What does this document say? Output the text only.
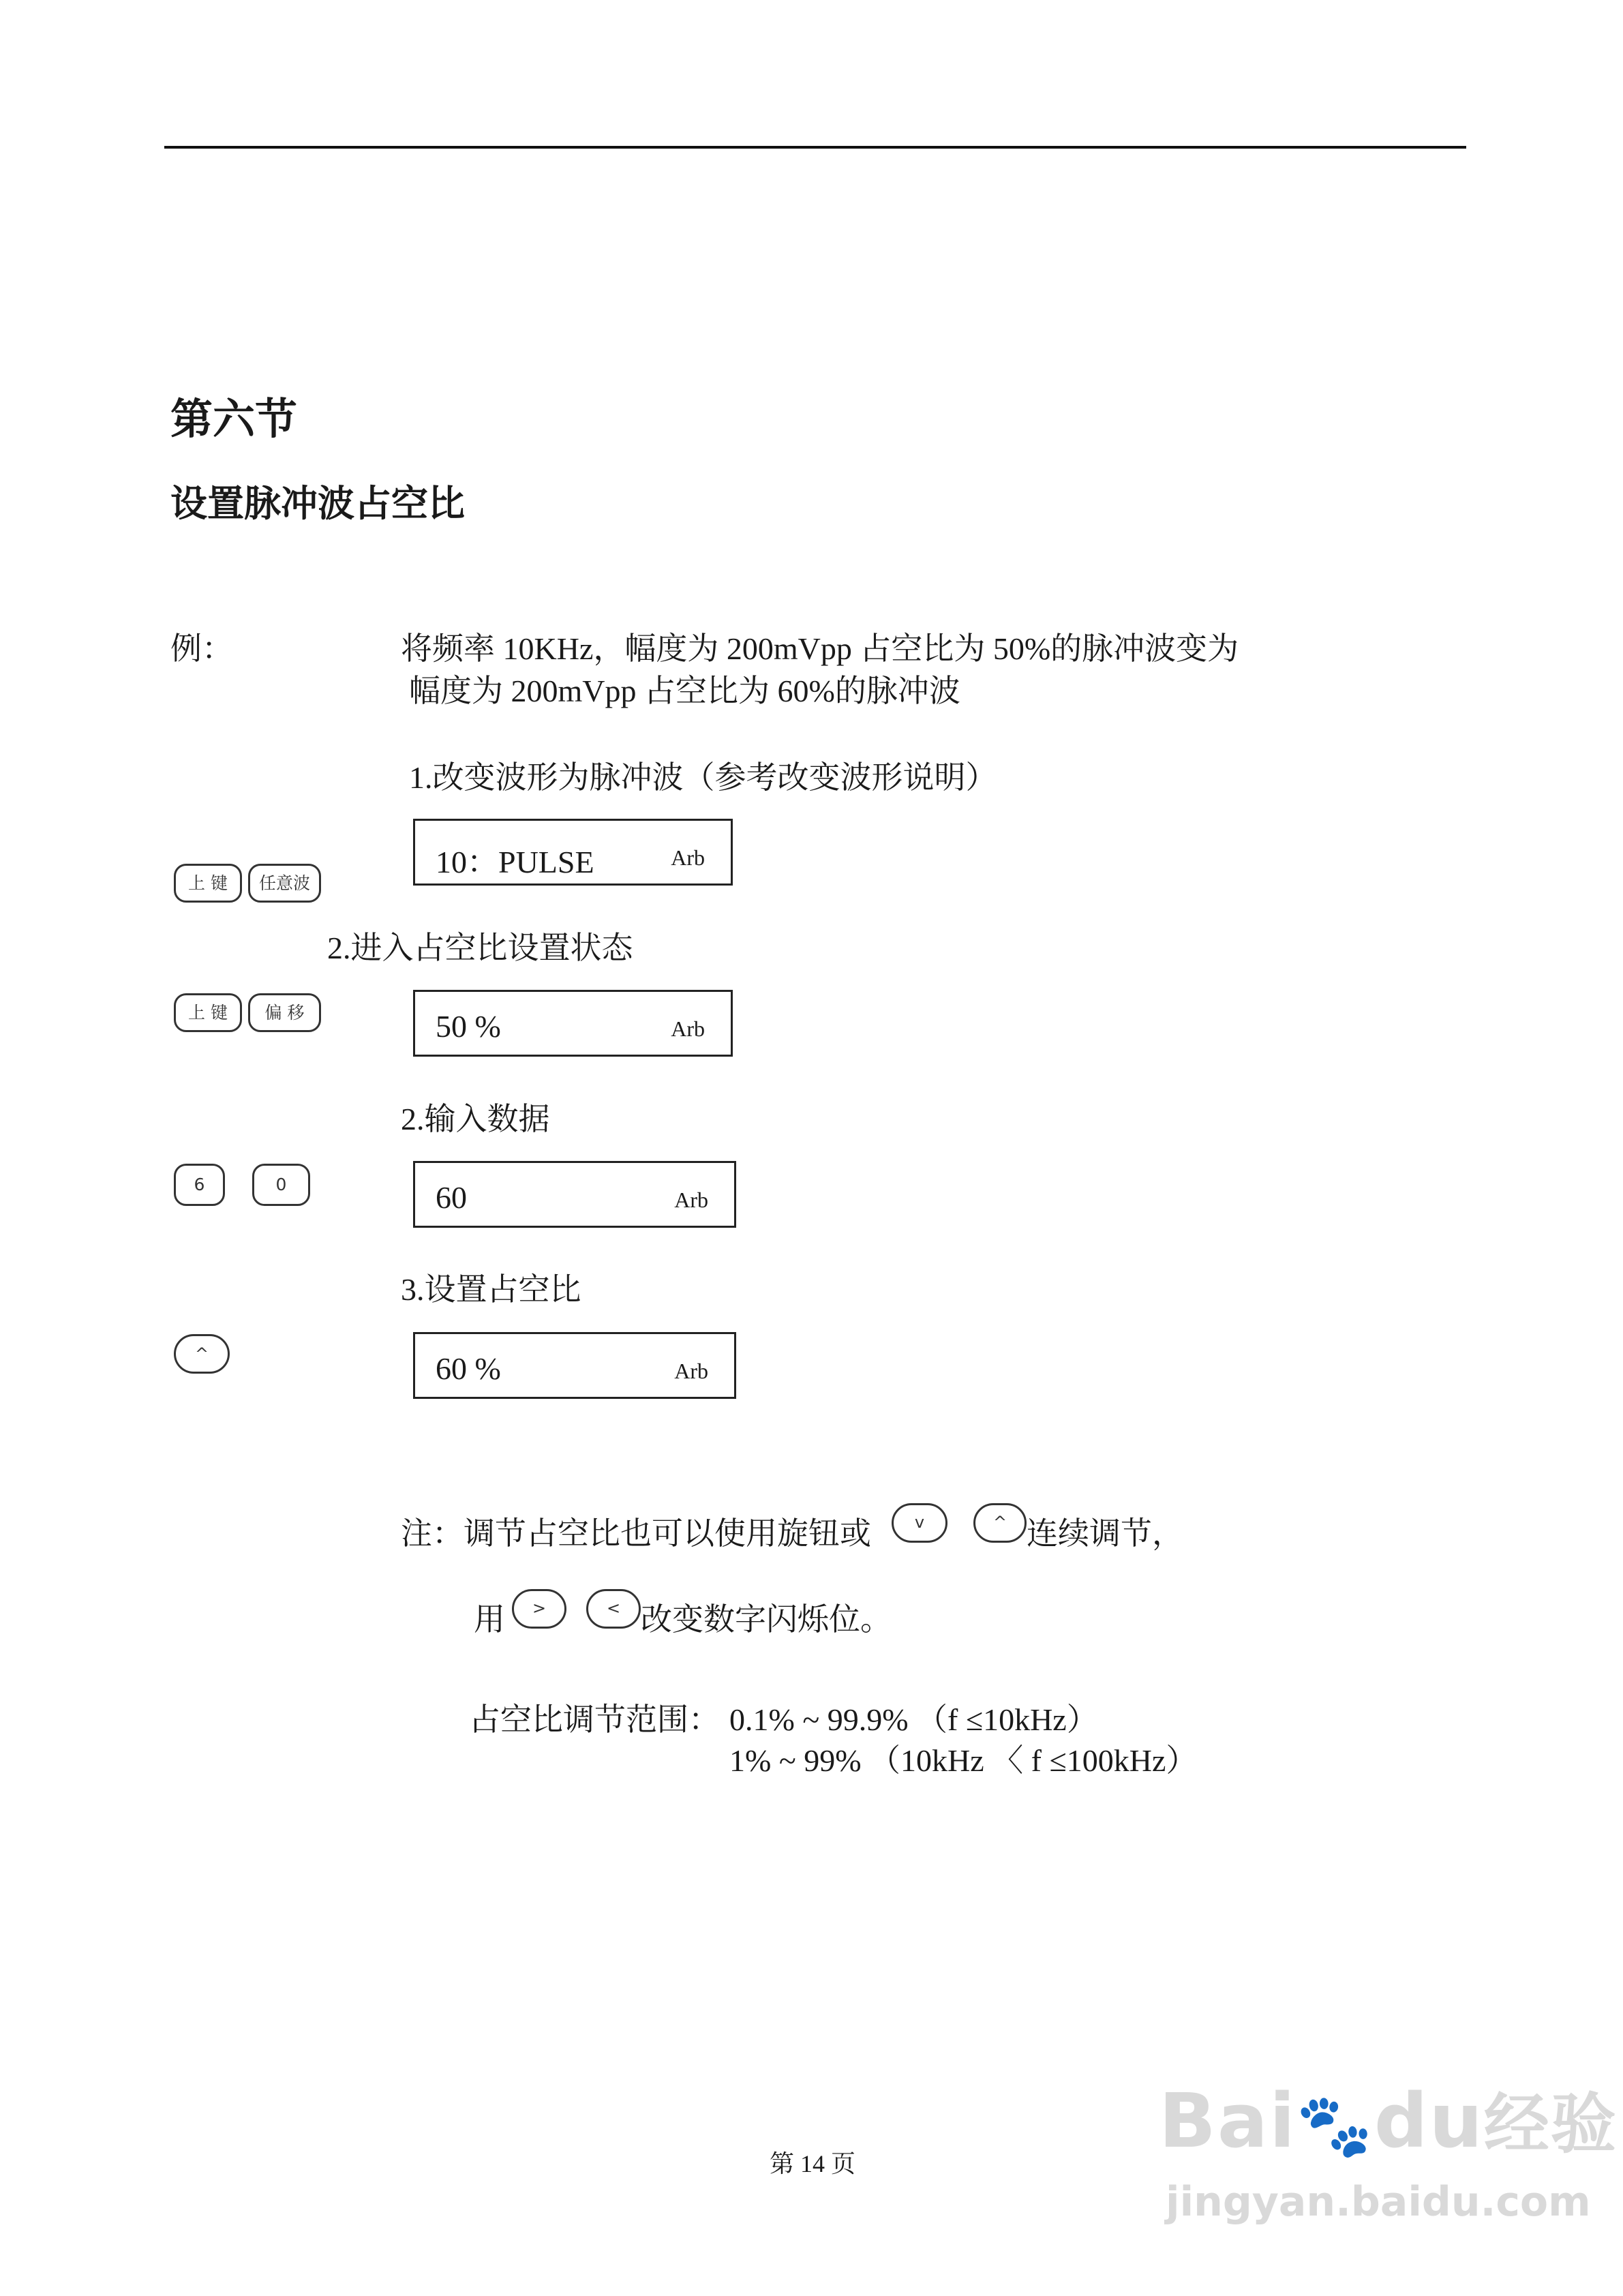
第六节
设置脉冲波占空比
例：	将频率 10KHz，幅度为 200mVpp 占空比为 50%的脉冲波变为
幅度为 200mVpp 占空比为 60%的脉冲波
1.改变波形为脉冲波（参考改变波形说明）
上 键	任意波
10：PULSE	Arb
2.进入占空比设置状态
上 键	偏 移	50 %	Arb
2.输入数据
6	0	60	Arb
3.设置占空比
^	60 %	Arb
注：调节占空比也可以使用旋钮或	v	^ 连续调节，
用	>	< 改变数字闪烁位。
占空比调节范围： 0.1% ~ 99.9% （f ≤10kHz）
1% ~ 99% （10kHz 〈 f ≤100kHz）
第 14 页	Bai🐾du经验
jingyan.baidu.com
